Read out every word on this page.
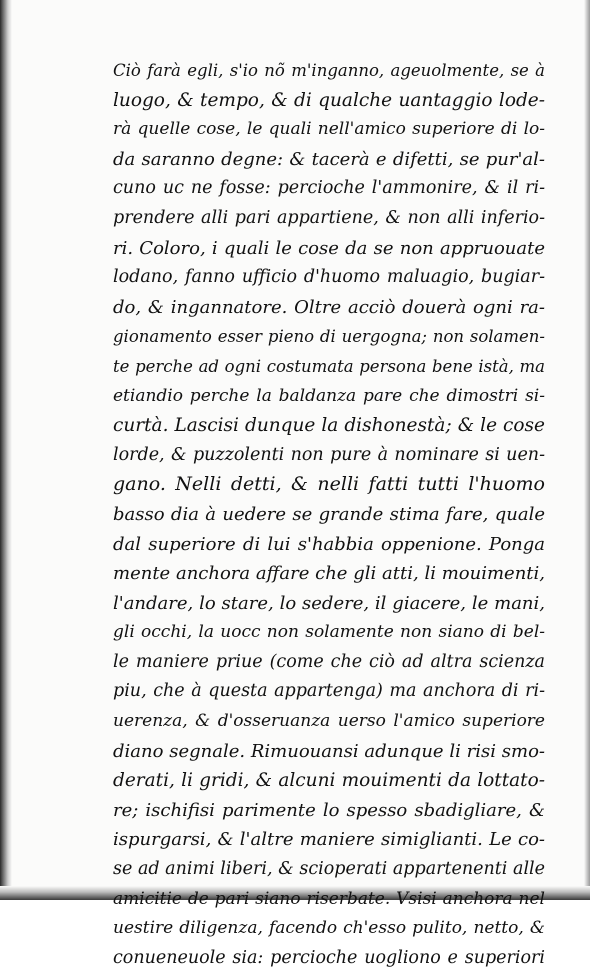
Ciò farà egli, s'io nõ m'inganno, ageuolmente, se à
luogo, & tempo, & di qualche uantaggio lode-
rà quelle cose, le quali nell'amico superiore di lo-
da saranno degne: & tacerà e difetti, se pur'al-
cuno uc ne fosse: percioche l'ammonire, & il ri-
prendere alli pari appartiene, & non alli inferio-
ri. Coloro, i quali le cose da se non appruouate
lodano, fanno ufficio d'huomo maluagio, bugiar-
do, & ingannatore. Oltre acciò douerà ogni ra-
gionamento esser pieno di uergogna; non solamen-
te perche ad ogni costumata persona bene istà, ma
etiandio perche la baldanza pare che dimostri si-
curtà. Lascisi dunque la dishonestà; & le cose
lorde, & puzzolenti non pure à nominare si uen-
gano. Nelli detti, & nelli fatti tutti l'huomo
basso dia à uedere se grande stima fare, quale
dal superiore di lui s'habbia oppenione. Ponga
mente anchora affare che gli atti, li mouimenti,
l'andare, lo stare, lo sedere, il giacere, le mani,
gli occhi, la uocc non solamente non siano di bel-
le maniere priue (come che ciò ad altra scienza
piu, che à questa appartenga) ma anchora di ri-
uerenza, & d'osseruanza uerso l'amico superiore
diano segnale. Rimuouansi adunque li risi smo-
derati, li gridi, & alcuni mouimenti da lottato-
re; ischifisi parimente lo spesso sbadigliare, &
ispurgarsi, & l'altre maniere simiglianti. Le co-
se ad animi liberi, & scioperati appartenenti alle
amicitie de pari siano riserbate. Vsisi anchora nel
uestire diligenza, facendo ch'esso pulito, netto, &
conueneuole sia: percioche uogliono e superiori
